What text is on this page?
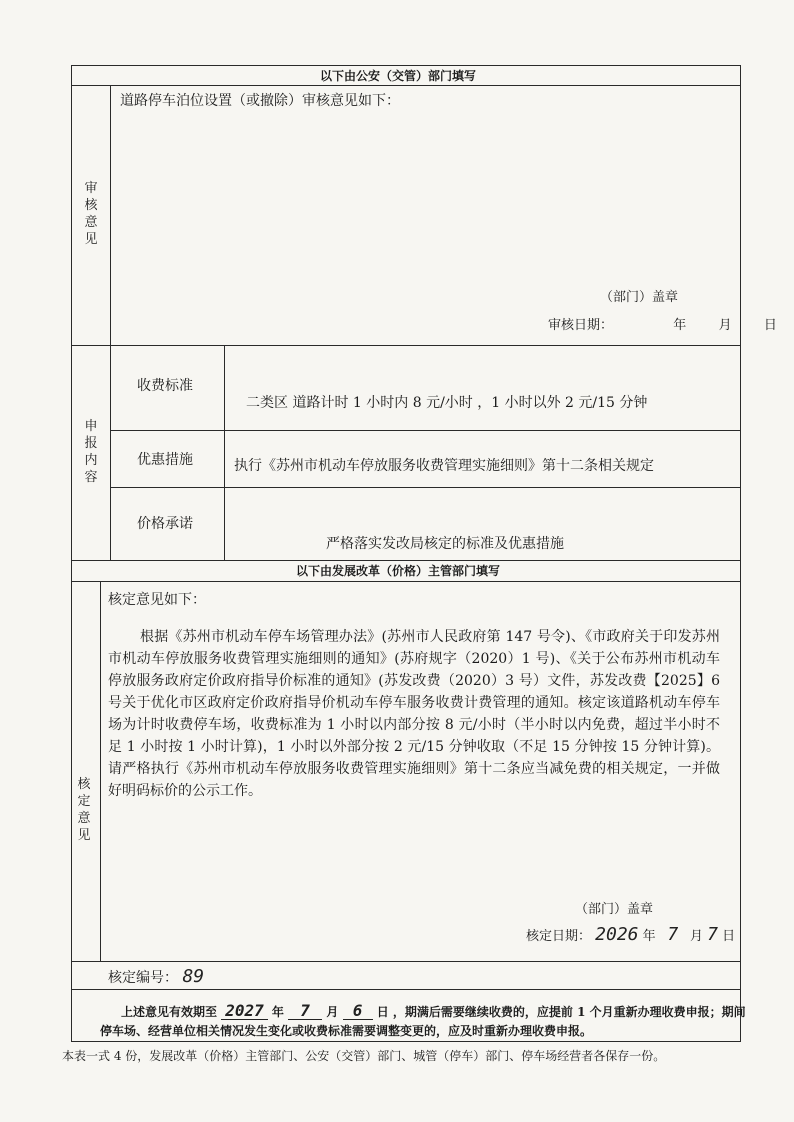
以下由公安（交管）部门填写
审核意见
道路停车泊位设置（或撤除）审核意见如下：
（部门）盖章
审核日期：	年 月 日
申报内容
收费标准
二类区 道路计时 1 小时内 8 元/小时 ，1 小时以外 2 元/15 分钟
优惠措施	执行《苏州市机动车停放服务收费管理实施细则》第十二条相关规定
价格承诺
严格落实发改局核定的标准及优惠措施
以下由发展改革（价格）主管部门填写
核定意见
核定意见如下：
根据《苏州市机动车停车场管理办法》(苏州市人民政府第 147 号令)、《市政府关于印发苏州市机动车停放服务收费管理实施细则的通知》(苏府规字（2020）1 号)、《关于公布苏州市机动车停放服务政府定价政府指导价标准的通知》(苏发改费（2020）3 号）文件，苏发改费【2025】6 号关于优化市区政府定价政府指导价机动车停车服务收费计费管理的通知。核定该道路机动车停车场为计时收费停车场，收费标准为 1 小时以内部分按 8 元/小时（半小时以内免费，超过半小时不足 1 小时按 1 小时计算)，1 小时以外部分按 2 元/15 分钟收取（不足 15 分钟按 15 分钟计算)。请严格执行《苏州市机动车停放服务收费管理实施细则》第十二条应当减免费的相关规定，一并做好明码标价的公示工作。
（部门）盖章
核定日期： 2026 年 7 月 7 日
核定编号： 89
上述意见有效期至 2027 年 7 月 6 日 ，期满后需要继续收费的，应提前 1 个月重新办理收费申报；期间
停车场、经营单位相关情况发生变化或收费标准需要调整变更的，应及时重新办理收费申报。
本表一式 4 份，发展改革（价格）主管部门、公安（交管）部门、城管（停车）部门、停车场经营者各保存一份。
